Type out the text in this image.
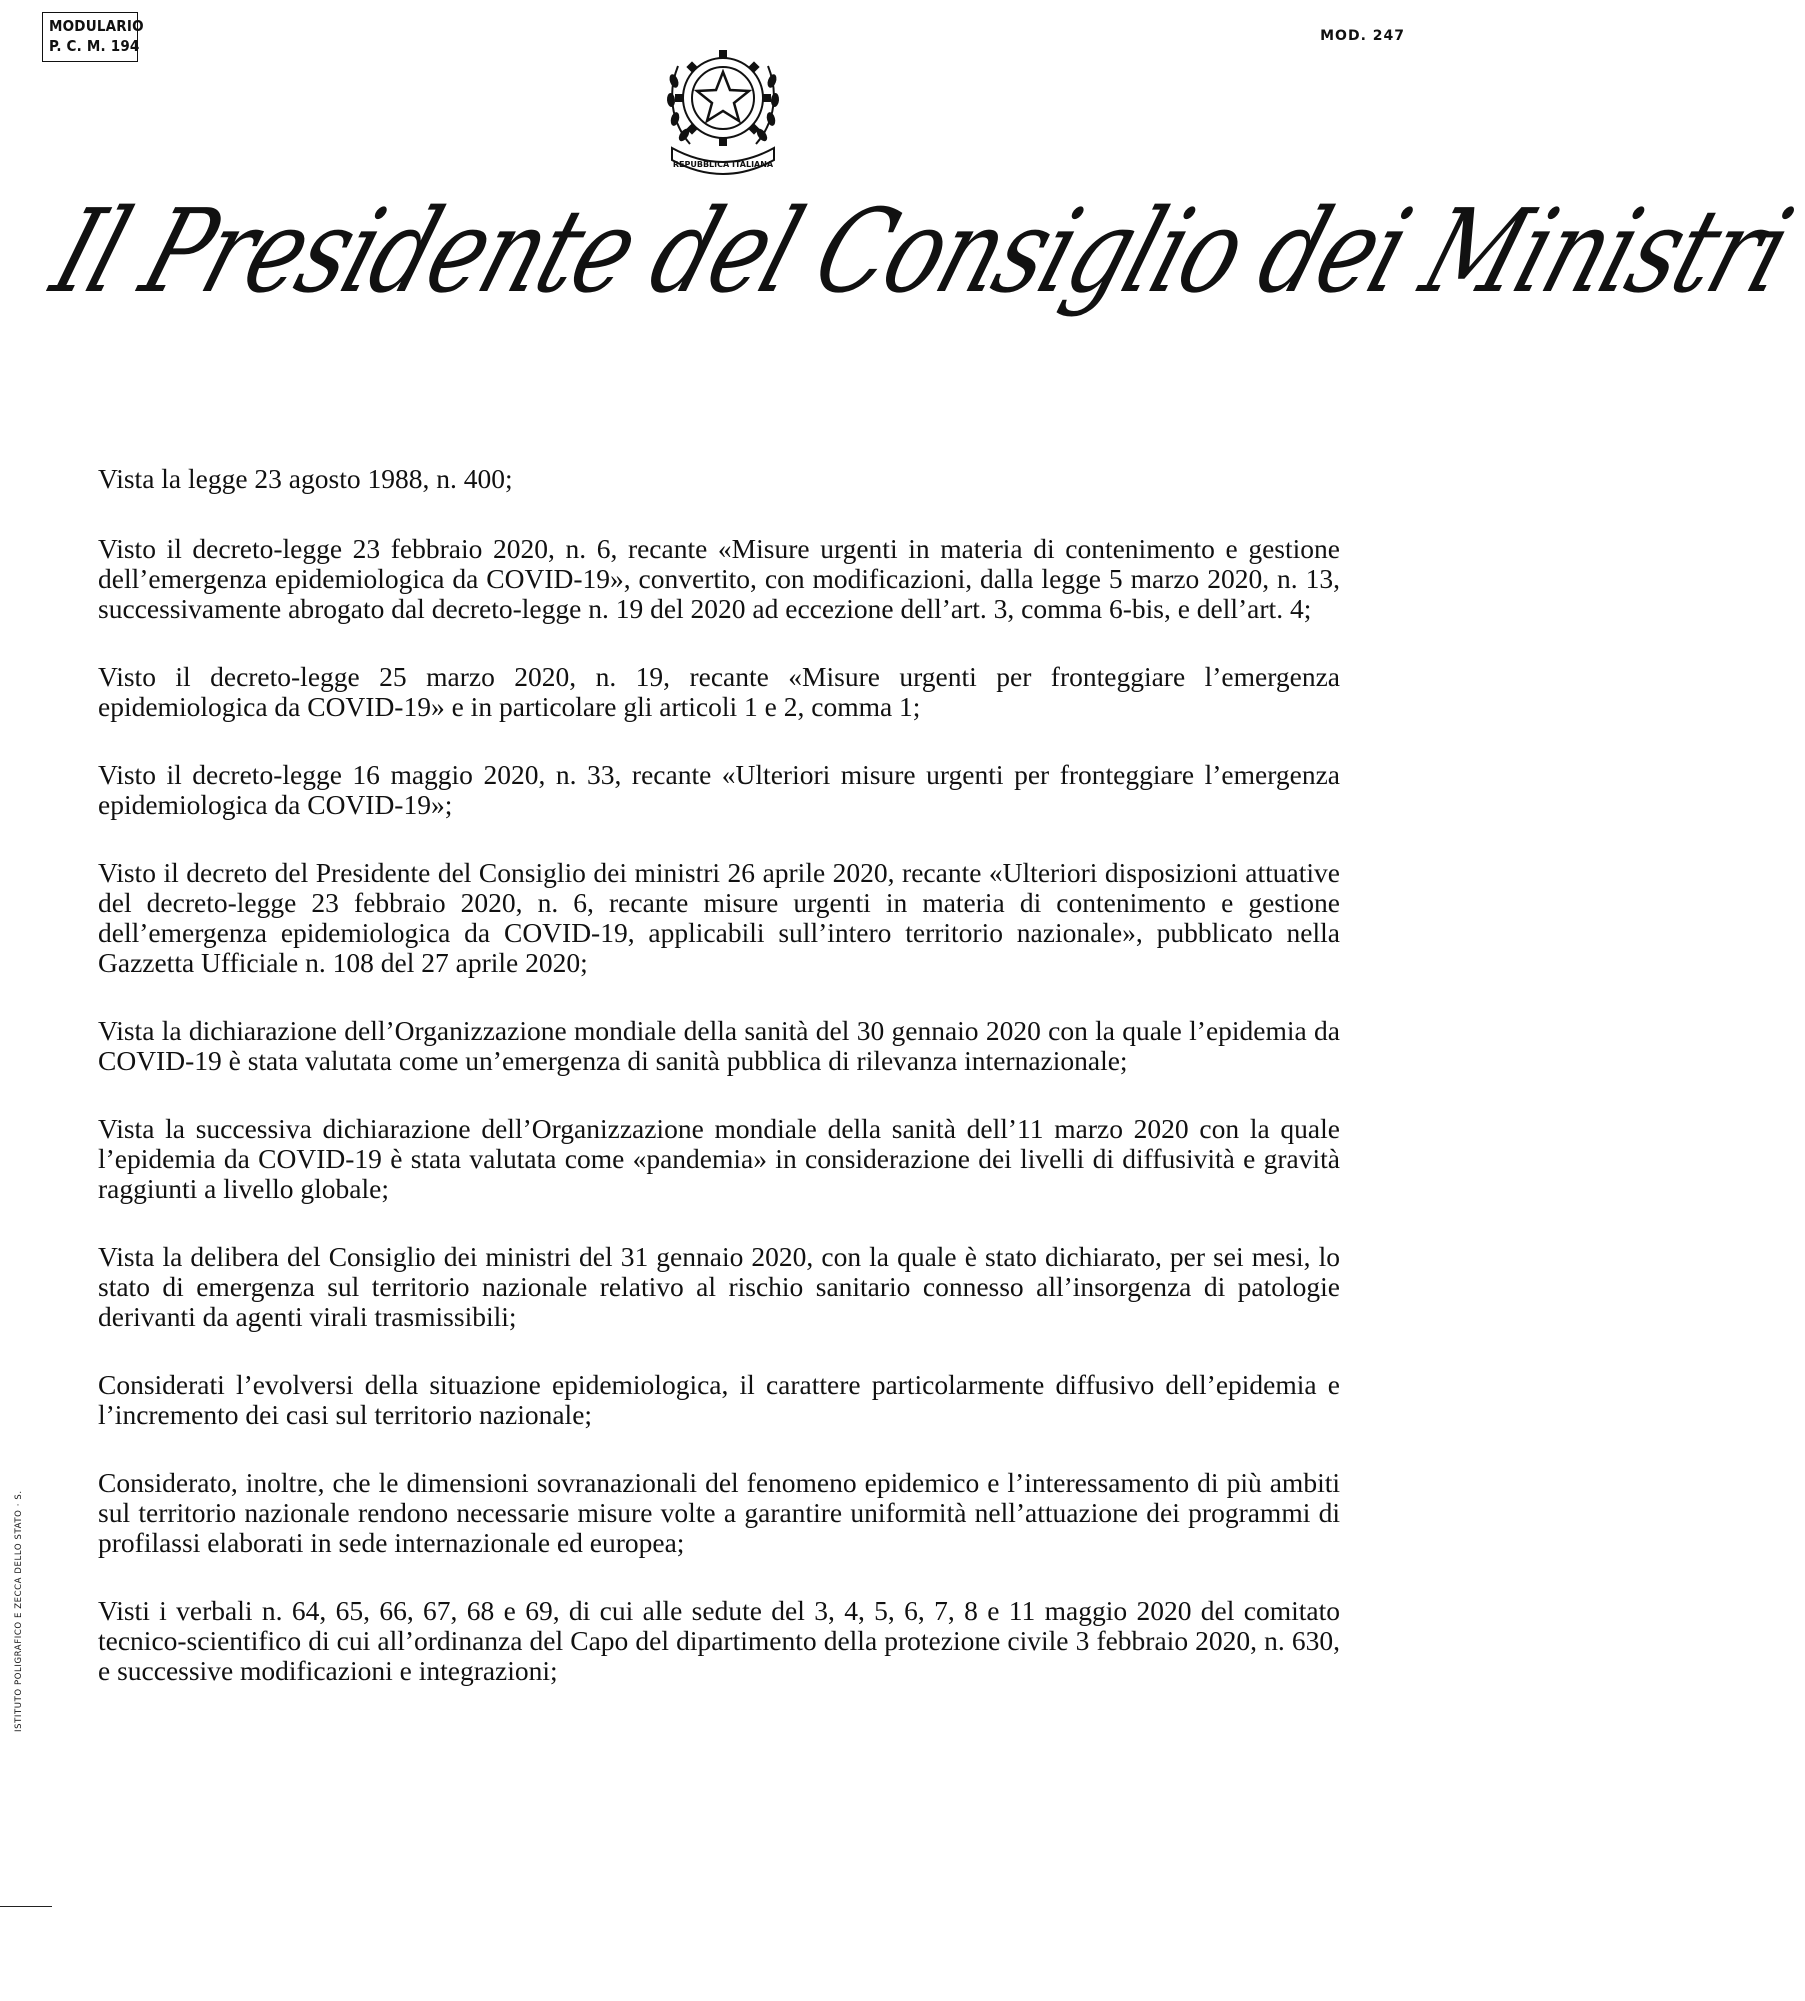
MODULARIO
P. C. M. 194
MOD. 247
REPUBBLICA ITALIANA
Il Presidente del Consiglio dei Ministri
ISTITUTO POLIGRAFICO E ZECCA DELLO STATO · S.

Vista la legge 23 agosto 1988, n. 400;

Visto il decreto-legge 23 febbraio 2020, n. 6, recante «Misure urgenti in materia di contenimento e gestione dell’emergenza epidemiologica da COVID-19», convertito, con modificazioni, dalla legge 5 marzo 2020, n. 13, successivamente abrogato dal decreto-legge n. 19 del 2020 ad eccezione dell’art. 3, comma 6-bis, e dell’art. 4;

Visto il decreto-legge 25 marzo 2020, n. 19, recante «Misure urgenti per fronteggiare l’emergenza epidemiologica da COVID-19» e in particolare gli articoli 1 e 2, comma 1;

Visto il decreto-legge 16 maggio 2020, n. 33, recante «Ulteriori misure urgenti per fronteggiare l’emergenza epidemiologica da COVID-19»;

Visto il decreto del Presidente del Consiglio dei ministri 26 aprile 2020, recante «Ulteriori disposizioni attuative del decreto-legge 23 febbraio 2020, n. 6, recante misure urgenti in materia di contenimento e gestione dell’emergenza epidemiologica da COVID-19, applicabili sull’intero territorio nazionale», pubblicato nella Gazzetta Ufficiale n. 108 del 27 aprile 2020;

Vista la dichiarazione dell’Organizzazione mondiale della sanità del 30 gennaio 2020 con la quale l’epidemia da COVID-19 è stata valutata come un’emergenza di sanità pubblica di rilevanza internazionale;

Vista la successiva dichiarazione dell’Organizzazione mondiale della sanità dell’11 marzo 2020 con la quale l’epidemia da COVID-19 è stata valutata come «pandemia» in considerazione dei livelli di diffusività e gravità raggiunti a livello globale;

Vista la delibera del Consiglio dei ministri del 31 gennaio 2020, con la quale è stato dichiarato, per sei mesi, lo stato di emergenza sul territorio nazionale relativo al rischio sanitario connesso all’insorgenza di patologie derivanti da agenti virali trasmissibili;

Considerati l’evolversi della situazione epidemiologica, il carattere particolarmente diffusivo dell’epidemia e l’incremento dei casi sul territorio nazionale;

Considerato, inoltre, che le dimensioni sovranazionali del fenomeno epidemico e l’interessamento di più ambiti sul territorio nazionale rendono necessarie misure volte a garantire uniformità nell’attuazione dei programmi di profilassi elaborati in sede internazionale ed europea;

Visti i verbali n. 64, 65, 66, 67, 68 e 69, di cui alle sedute del 3, 4, 5, 6, 7, 8 e 11 maggio 2020 del comitato tecnico-scientifico di cui all’ordinanza del Capo del dipartimento della protezione civile 3 febbraio 2020, n. 630, e successive modificazioni e integrazioni;
